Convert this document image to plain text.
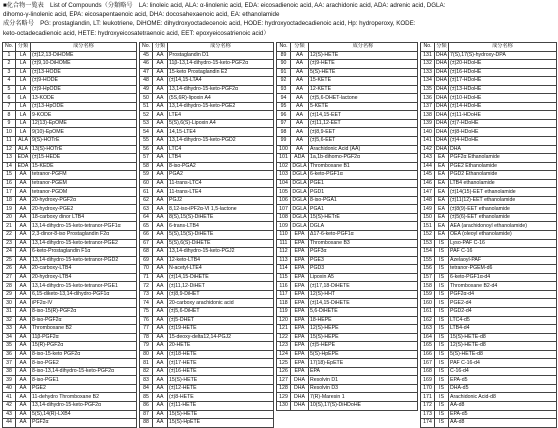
■化合物一覧表　List of Compounds（分類略号　LA: linoleic acid, ALA: α-linolenic acid, EDA: eicosadienoic acid, AA: arachidonic acid, ADA: adrenic acid, DGLA:
dihomo-γ-linolenic acid, EPA: eicosapentaenoic acid, DHA: docosahexaenoic acid, EA: ethanolamide
成分名略号　PG: prostaglandin, LT: leukotriene, DiHOME: dihydroxyoctadecenoic acid, HODE: hydroxyoctadecadienoic acid, Hp: hydroperoxy, KODE:
keto-octadecadienoic acid, HETE: hydroxyeicosatetraenoic acid, EET: epoxyeicosatrienoic acid）
No.	分類	成分名称
1	LA	(±)12,13-DiHOME
2	LA	(±)9,10-DiHOME
3	LA	(±)13-HODE
4	LA	(±)9-HODE
5	LA	(±)9-HpODE
6	LA	13-KODE
7	LA	(±)13-HpODE
8	LA	9-KODE
9	LA	12(13)-EpOME
10	LA	9(10)-EpOME
11	ALA	9(S)-HOTrE
12	ALA	13(S)-HOTrE
13	EDA	(±)15-HEDE
14	EDA	15-KEDE
15	AA	tetranor-PGFM
16	AA	tetranor-PGEM
17	AA	tetranor-PGDM
18	AA	20-hydroxy-PGF2α
19	AA	20-hydroxy-PGE2
20	AA	18-carboxy dinor LTB4
21	AA	13,14-dihydro-15-keto-tetranor-PGF1α
22	AA	2,3-dinor-8-iso Prostaglandin F2α
23	AA	13,14-dihydro-15-keto-tetranor-PGE2
24	AA	6-keto-Prostaglandin F1α
25	AA	13,14-dihydro-15-keto-tetranor-PGD2
26	AA	20-carboxy-LTB4
27	AA	20-hydroxy-LTB4
28	AA	13,14-dihydro-15-keto-tetranor-PGE1
29	AA	6,15-diketo-13,14-dihydro-PGF1α
30	AA	iPF2α-IV
31	AA	8-iso-15(R)-PGF2α
32	AA	8-iso-PGF2α
33	AA	Thromboxane B2
34	AA	11β-PGF2α
35	AA	15(R)-PGF2α
36	AA	8-iso-15-keto PGF2α
37	AA	8-iso-PGE2
38	AA	8-iso-13,14-dihydro-15-keto-PGF2α
39	AA	8-iso-PGE1
40	AA	PGE2
41	AA	11-dehydro Thromboxane B2
42	AA	13,14-dihydro-15-keto-PGF2α
43	AA	5(S),14(R)-LXB4
44	AA	PGF2α
No.	分類	成分名称
45	AA	Prostaglandin D1
46	AA	11β-13,14-dihydro-15-keto-PGF2α
47	AA	15-keto Prostaglandin E2
48	AA	(±)14,15-LTA4
49	AA	13,14-dihydro-15-keto-PGF2α
50	AA	(5S,6R)-lipoxin A4
51	AA	13,14-dihydro-15-keto-PGE2
52	AA	LTE4
53	AA	5(S),6(S)-Lipoxin A4
54	AA	14,15-LTE4
55	AA	13,14-dihydro-15-keto-PGD2
56	AA	LTC4
57	AA	LTB4
58	AA	8-iso-PGA2
59	AA	PGA2
60	AA	11-trans-LTC4
61	AA	11-trans-LTE4
62	AA	PGJ2
63	AA	8,12-iso-iPF2α-VI 1,5-lactone
64	AA	8(S),15(S)-DiHETE
65	AA	6-trans-LTB4
66	AA	5(S),15(S)-DiHETE
67	AA	5(S),6(S)-DiHETE
68	AA	13,14-dihydro-15-keto-PGJ2
69	AA	12-keto-LTB4
70	AA	N-acetyl-LTE4
71	AA	(±)14,15-DiHETE
72	AA	(±)11,12-DiHET
73	AA	(±)8,9-DiHET
74	AA	20-carboxy arachidonic acid
75	AA	(±)5,6-DiHET
76	AA	(±)5-DHET
77	AA	(±)19-HETE
78	AA	15-deoxy-delta12,14-PGJ2
79	AA	20-HETE
80	AA	(±)18-HETE
81	AA	(±)17-HETE
82	AA	(±)16-HETE
83	AA	15(S)-HETE
84	AA	(±)12-HETE
85	AA	(±)8-HETE
86	AA	(±)11-HETE
87	AA	15(S)-HETE
88	AA	15(S)-HpETE
No.	分類	成分名称
89	AA	12(S)-HETE
90	AA	(±)9-HETE
91	AA	5(S)-HETE
92	AA	15-KETE
93	AA	12-KETE
94	AA	(±)5,6-DHET-lactone
95	AA	5-KETE
96	AA	(±)14,15-EET
97	AA	(±)11,12-EET
98	AA	(±)8,9-EET
99	AA	(±)5,6-EET
100	AA	Arachidonic Acid (AA)
101	ADA	1a,1b-dihomo-PGF2α
102	DGLA	Thromboxane B1
103	DGLA	6-keto-PGF1α
104	DGLA	PGE1
105	DGLA	PGD1
106	DGLA	8-iso-PGA1
107	DGLA	PGA1
108	DGLA	15(S)-HETrE
109	DGLA	DGLA
110	EPA	Δ17-6-keto-PGF1α
111	EPA	Thromboxane B3
112	EPA	PGF3α
113	EPA	PGE3
114	EPA	PGD3
115	EPA	Lipoxin A5
116	EPA	(±)17,18-DiHETE
117	EPA	12(S)-HHT
118	EPA	(±)14,15-DiHETE
119	EPA	5,6-DiHETE
120	EPA	18-HEPE
121	EPA	12(S)-HEPE
122	EPA	15(S)-HEPE
123	EPA	(±)5-HEPE
124	EPA	5(S)-HpEPE
125	EPA	17(18)-EpETE
126	EPA	EPA
127	DHA	Resolvin D1
128	DHA	Resolvin D3
129	DHA	7(R)-Maresin 1
130	DHA	10(S),17(S)-DiHDoHE
No.	分類	成分名称
131	DHA	7(S),17(S)-hydroxy-DPA
132	DHA	(±)20-HDoHE
133	DHA	(±)16-HDoHE
134	DHA	(±)17-HDoHE
135	DHA	(±)13-HDoHE
136	DHA	(±)10-HDoHE
137	DHA	(±)14-HDoHE
138	DHA	(±)11-HDoHE
139	DHA	(±)7-HDoHE
140	DHA	(±)8-HDoHE
141	DHA	(±)4-HDoHE
142	DHA	DHA
143	EA	PGF2α Ethanolamide
144	EA	PGE2 Ethanolamide
145	EA	PGD2 Ethanolamide
146	EA	LTB4 ethanolamide
147	EA	(±)14(15)-EET ethanolamide
148	EA	(±)11(12)-EET ethanolamide
149	EA	(±)8(9)-EET ethanolamide
150	EA	(±)5(6)-EET ethanolamide
151	EA	AEA (arachidonoyl ethanolamide)
152	EA	OEA (oleoyl ethanolamide)
153	IS	Lyso-PAF C-16
154	IS	PAF C-16
155	IS	Azelaoyl-PAF
156	IS	tetranor-PGEM-d6
157	IS	6-keto-PGF1α-d4
158	IS	Thromboxane B2-d4
159	IS	PGF2α-d4
160	IS	PGE2-d4
161	IS	PGD2-d4
162	IS	LTC4-d5
163	IS	LTB4-d4
164	IS	15(S)-HETE-d8
165	IS	12(S)-HETE-d8
166	IS	5(S)-HETE-d8
167	IS	PAF C-16-d4
168	IS	C-16-d4
169	IS	EPA-d5
170	IS	DHA-d5
171	IS	Arachidonic Acid-d8
172	IS	AA-d8
173	IS	EPA-d5
174	IS	AA-d8
